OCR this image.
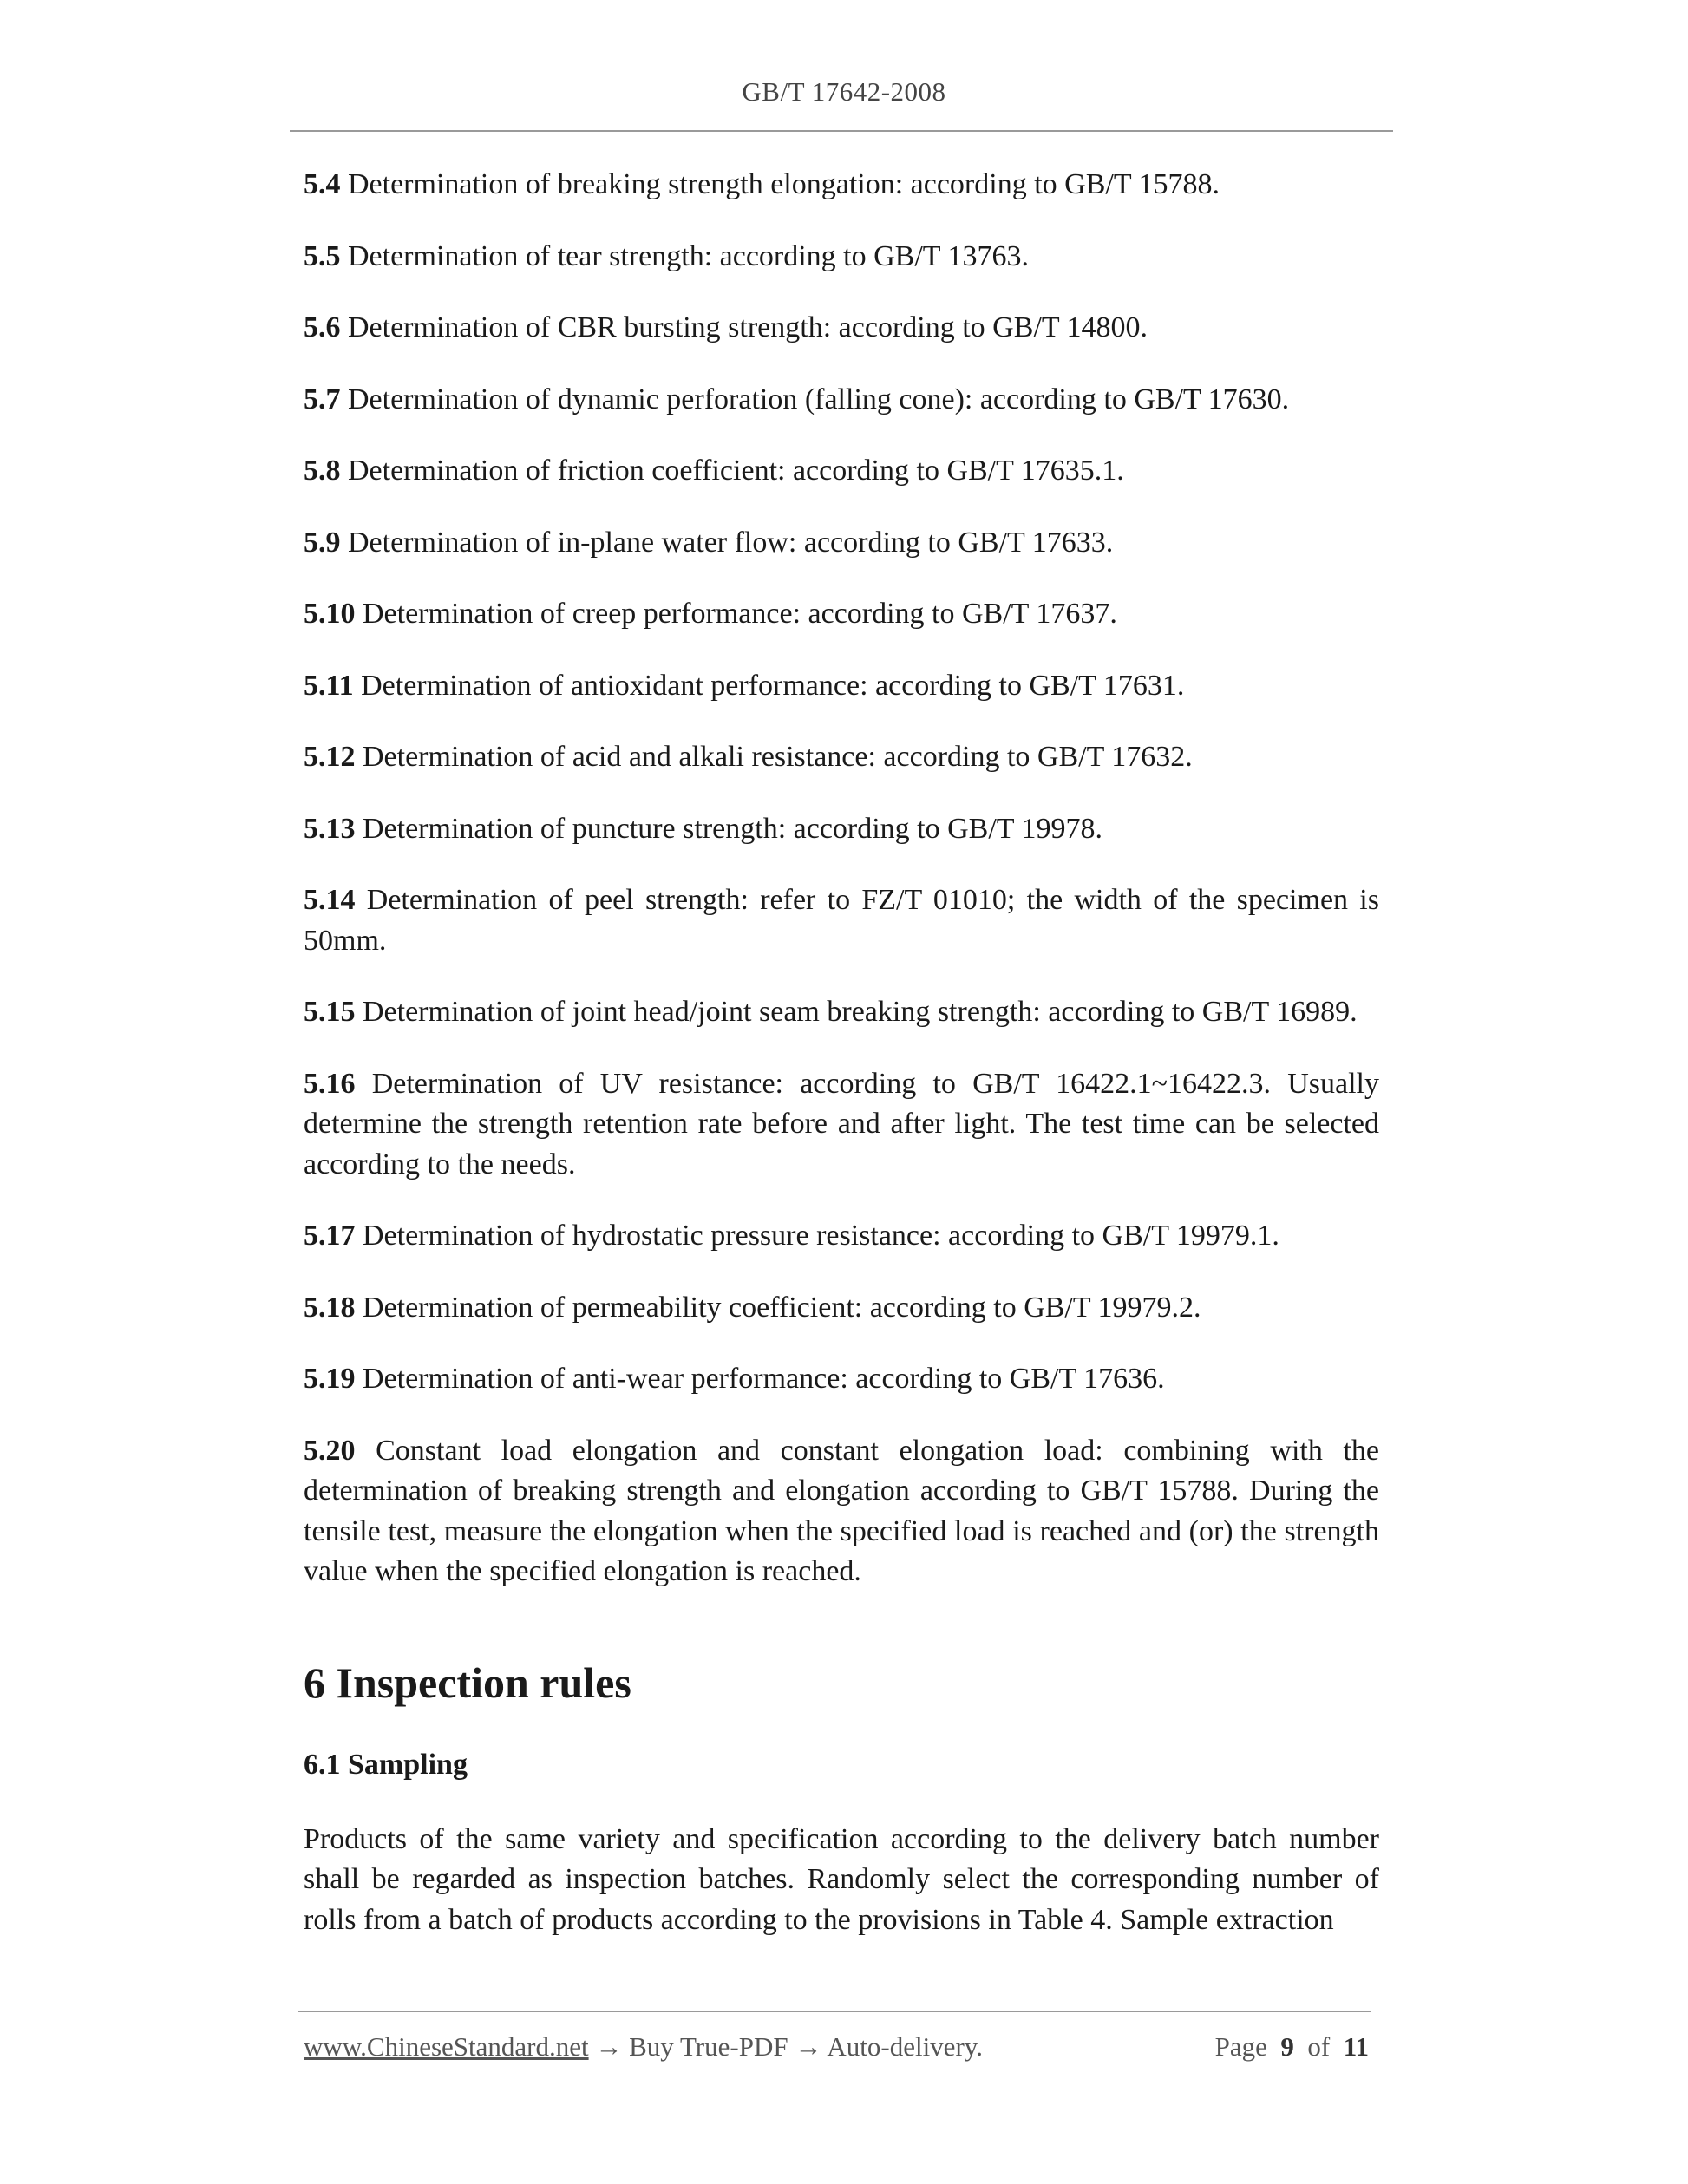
GB/T 17642-2008

5.4 Determination of breaking strength elongation: according to GB/T 15788.

5.5 Determination of tear strength: according to GB/T 13763.

5.6 Determination of CBR bursting strength: according to GB/T 14800.

5.7 Determination of dynamic perforation (falling cone): according to GB/T 17630.

5.8 Determination of friction coefficient: according to GB/T 17635.1.

5.9 Determination of in-plane water flow: according to GB/T 17633.

5.10 Determination of creep performance: according to GB/T 17637.

5.11 Determination of antioxidant performance: according to GB/T 17631.

5.12 Determination of acid and alkali resistance: according to GB/T 17632.

5.13 Determination of puncture strength: according to GB/T 19978.

5.14 Determination of peel strength: refer to FZ/T 01010; the width of the specimen is 50mm.

5.15 Determination of joint head/joint seam breaking strength: according to GB/T 16989.

5.16 Determination of UV resistance: according to GB/T 16422.1~16422.3. Usually determine the strength retention rate before and after light. The test time can be selected according to the needs.

5.17 Determination of hydrostatic pressure resistance: according to GB/T 19979.1.

5.18 Determination of permeability coefficient: according to GB/T 19979.2.

5.19 Determination of anti-wear performance: according to GB/T 17636.

5.20 Constant load elongation and constant elongation load: combining with the determination of breaking strength and elongation according to GB/T 15788. During the tensile test, measure the elongation when the specified load is reached and (or) the strength value when the specified elongation is reached.

6 Inspection rules
6.1 Sampling

Products of the same variety and specification according to the delivery batch number shall be regarded as inspection batches. Randomly select the corresponding number of rolls from a batch of products according to the provisions in Table 4. Sample extraction

www.ChineseStandard.net → Buy True-PDF → Auto-delivery.	Page 9 of 11
